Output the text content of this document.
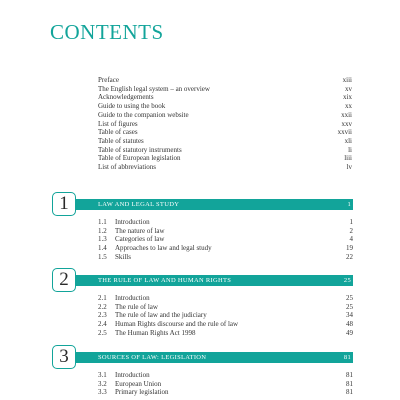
CONTENTS
Preface	xiii
The English legal system – an overview	xv
Acknowledgements	xix
Guide to using the book	xx
Guide to the companion website	xxii
List of figures	xxv
Table of cases	xxvii
Table of statutes	xli
Table of statutory instruments	li
Table of European legislation	liii
List of abbreviations	lv
1	LAW AND LEGAL STUDY	1
1.1	Introduction	1
1.2	The nature of law	2
1.3	Categories of law	4
1.4	Approaches to law and legal study	19
1.5	Skills	22
2	THE RULE OF LAW AND HUMAN RIGHTS	25
2.1	Introduction	25
2.2	The rule of law	25
2.3	The rule of law and the judiciary	34
2.4	Human Rights discourse and the rule of law	48
2.5	The Human Rights Act 1998	49
3	SOURCES OF LAW: LEGISLATION	81
3.1	Introduction	81
3.2	European Union	81
3.3	Primary legislation	81
